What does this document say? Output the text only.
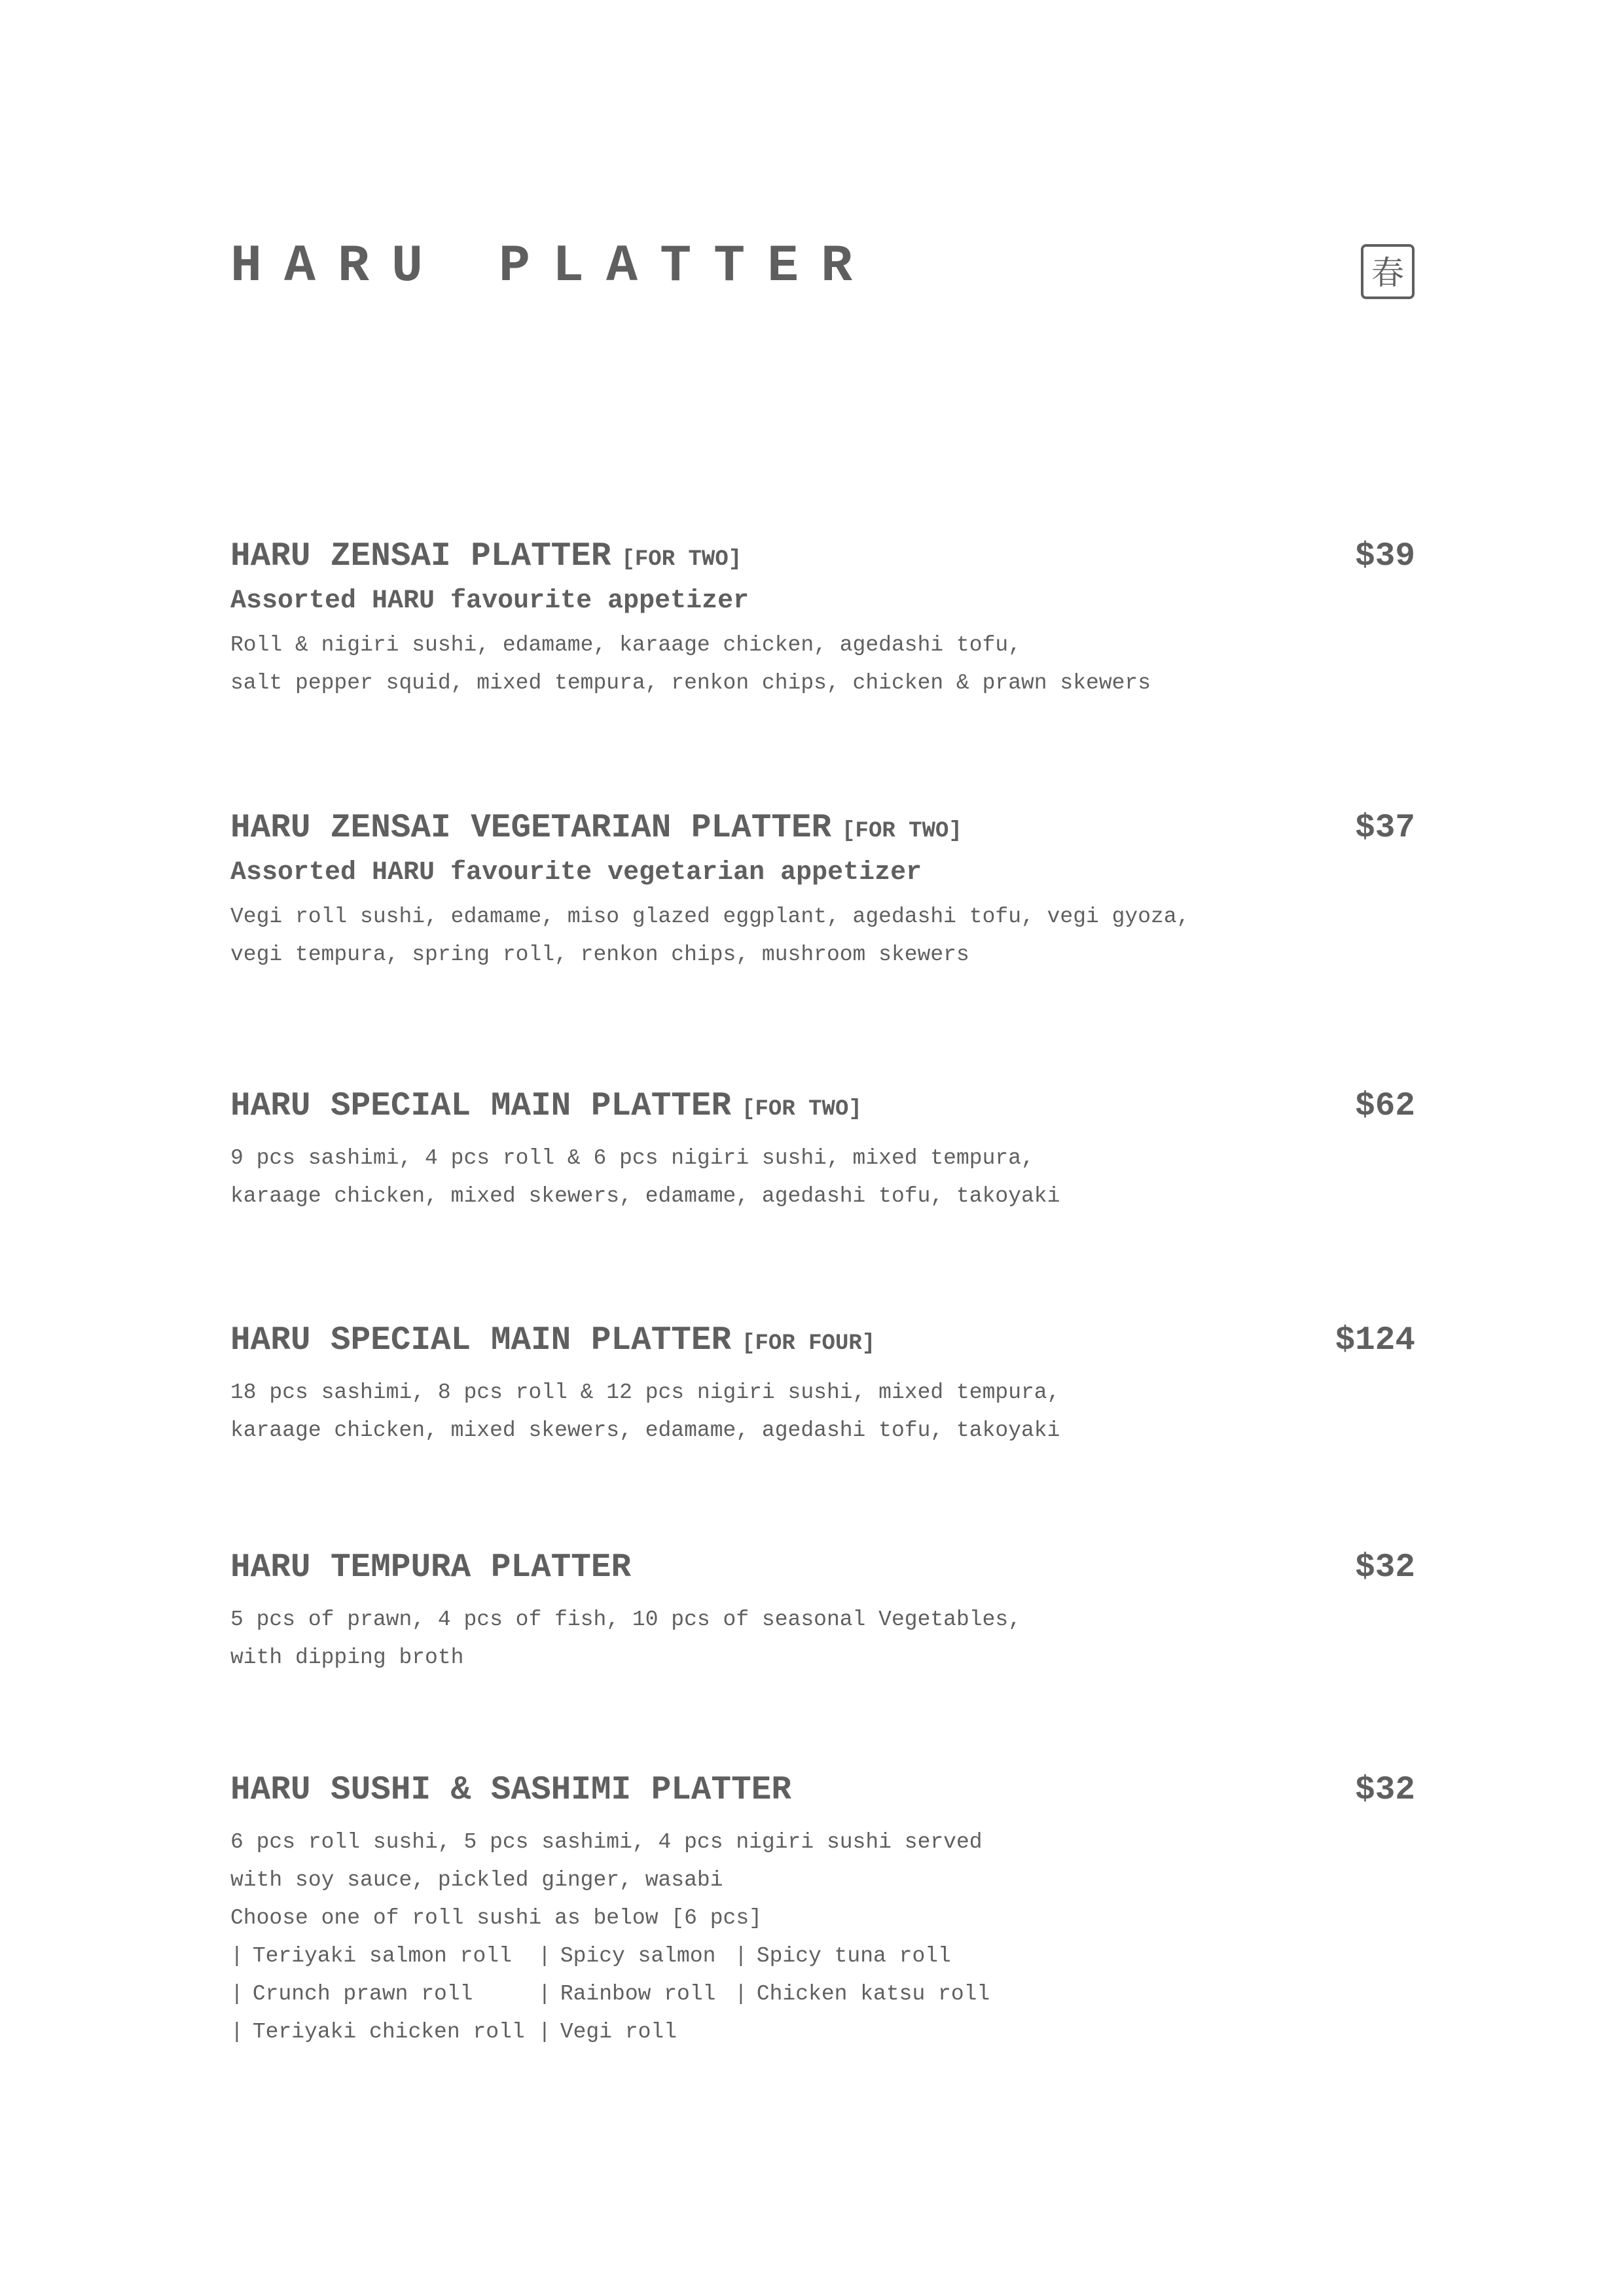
HARU PLATTER	春
HARU ZENSAI PLATTER [FOR TWO]	$39

Assorted HARU favourite appetizer

Roll & nigiri sushi, edamame, karaage chicken, agedashi tofu,
salt pepper squid, mixed tempura, renkon chips, chicken & prawn skewers

HARU ZENSAI VEGETARIAN PLATTER [FOR TWO]	$37

Assorted HARU favourite vegetarian appetizer

Vegi roll sushi, edamame, miso glazed eggplant, agedashi tofu, vegi gyoza,
vegi tempura, spring roll, renkon chips, mushroom skewers

HARU SPECIAL MAIN PLATTER [FOR TWO]	$62

9 pcs sashimi, 4 pcs roll & 6 pcs nigiri sushi, mixed tempura,
karaage chicken, mixed skewers, edamame, agedashi tofu, takoyaki

HARU SPECIAL MAIN PLATTER [FOR FOUR]	$124

18 pcs sashimi, 8 pcs roll & 12 pcs nigiri sushi, mixed tempura,
karaage chicken, mixed skewers, edamame, agedashi tofu, takoyaki

HARU TEMPURA PLATTER	$32

5 pcs of prawn, 4 pcs of fish, 10 pcs of seasonal Vegetables,
with dipping broth

HARU SUSHI & SASHIMI PLATTER	$32

6 pcs roll sushi, 5 pcs sashimi, 4 pcs nigiri sushi served
with soy sauce, pickled ginger, wasabi
Choose one of roll sushi as below [6 pcs]

| Teriyaki salmon roll	| Spicy salmon	| Spicy tuna roll
| Crunch prawn roll	| Rainbow roll	| Chicken katsu roll
| Teriyaki chicken roll	| Vegi roll
